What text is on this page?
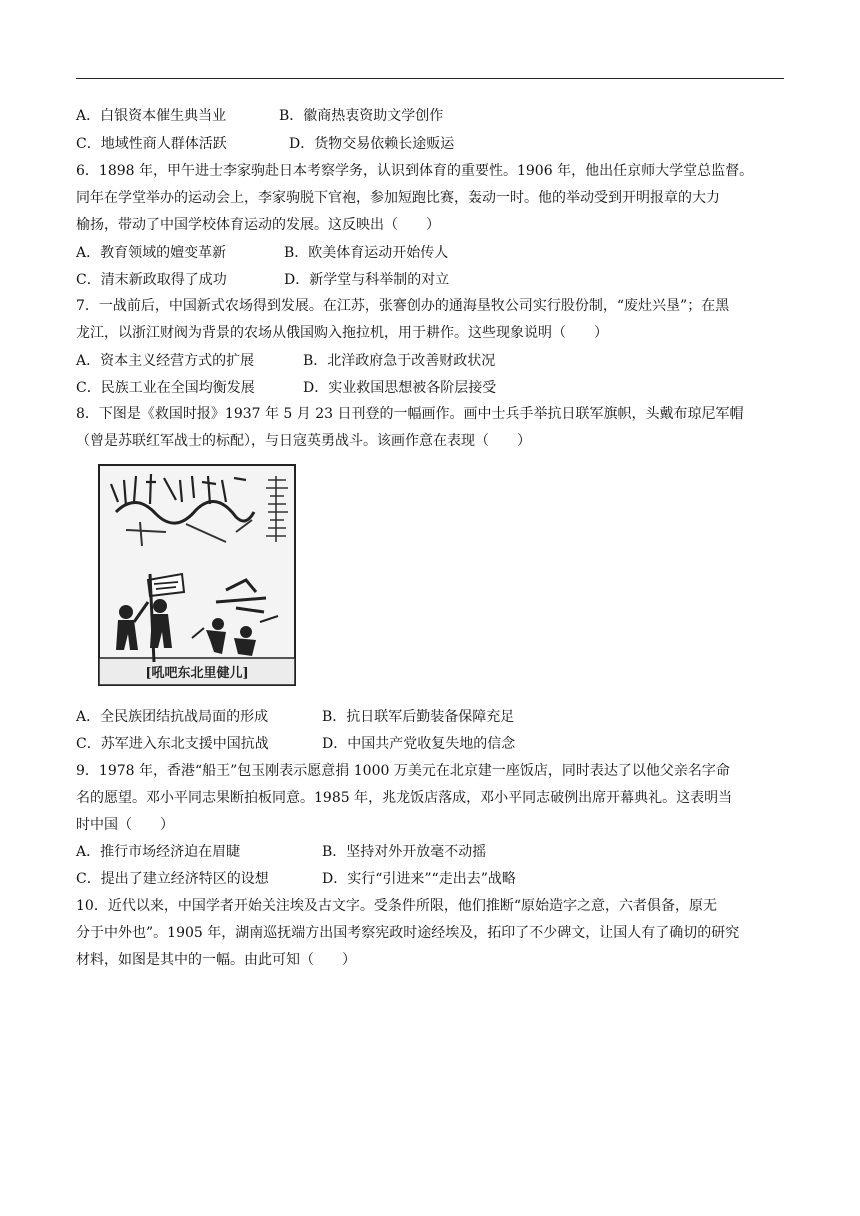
A．白银资本催生典当业	B．徽商热衷资助文学创作
C．地域性商人群体活跃	D．货物交易依赖长途贩运
6．1898 年，甲午进士李家驹赴日本考察学务，认识到体育的重要性。1906 年，他出任京师大学堂总监督。
同年在学堂举办的运动会上，李家驹脱下官袍，参加短跑比赛，轰动一时。他的举动受到开明报章的大力
榆扬，带动了中国学校体育运动的发展。这反映出（　　）
A．教育领域的嬗变革新	B．欧美体育运动开始传人
C．清末新政取得了成功	D．新学堂与科举制的对立
7．一战前后，中国新式农场得到发展。在江苏，张謇创办的通海垦牧公司实行股份制，“废灶兴垦”；在黑
龙江，以浙江财阀为背景的农场从俄国购入拖拉机，用于耕作。这些现象说明（　　）
A．资本主义经营方式的扩展	B．北洋政府急于改善财政状况
C．民族工业在全国均衡发展	D．实业救国思想被各阶层接受
8．下图是《救国时报》1937 年 5 月 23 日刊登的一幅画作。画中士兵手举抗日联军旗帜，头戴布琼尼军帽
（曾是苏联红军战士的标配），与日寇英勇战斗。该画作意在表现（　　）
[吼吧东北里健儿]
A．全民族团结抗战局面的形成	B．抗日联军后勤装备保障充足
C．苏军进入东北支援中国抗战	D．中国共产党收复失地的信念
9．1978 年，香港“船王”包玉刚表示愿意捐 1000 万美元在北京建一座饭店，同时表达了以他父亲名字命
名的愿望。邓小平同志果断拍板同意。1985 年，兆龙饭店落成，邓小平同志破例出席开幕典礼。这表明当
时中国（　　）
A．推行市场经济迫在眉睫	B．坚持对外开放毫不动摇
C．提出了建立经济特区的设想	D．实行“引进来”“走出去”战略
10．近代以来，中国学者开始关注埃及古文字。受条件所限，他们推断“原始造字之意，六者俱备，原无
分于中外也”。1905 年，湖南巡抚端方出国考察宪政时途经埃及，拓印了不少碑文，让国人有了确切的研究
材料，如图是其中的一幅。由此可知（　　）
